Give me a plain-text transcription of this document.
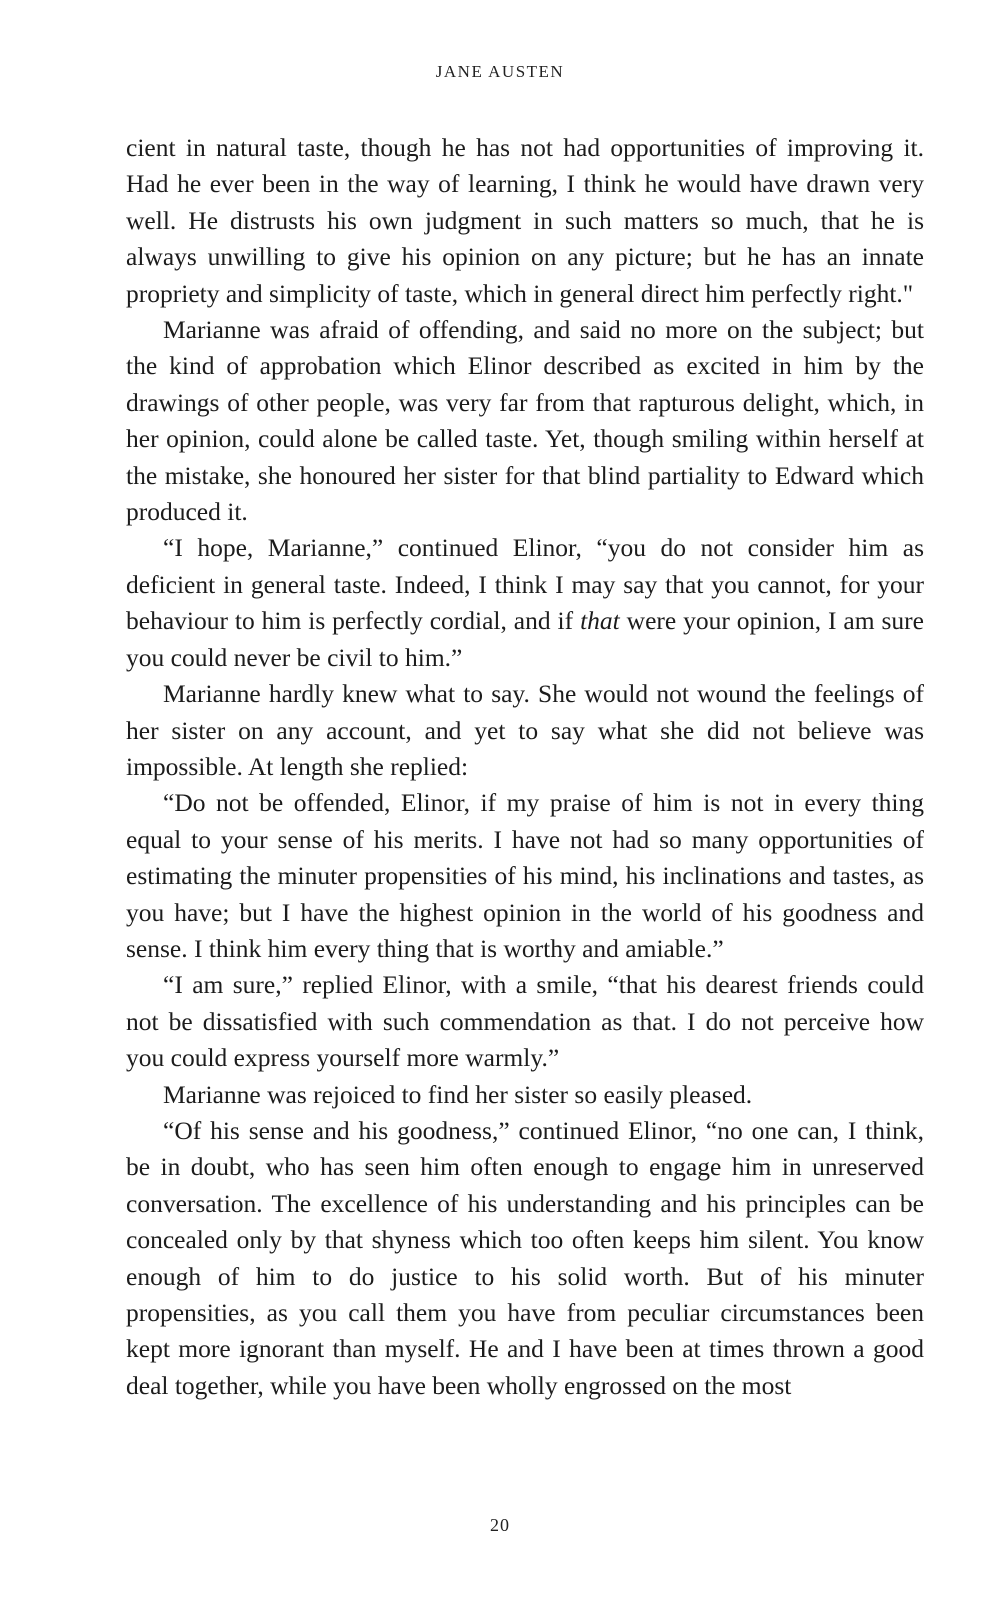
JANE AUSTEN

cient in natural taste, though he has not had opportunities of improving it. Had he ever been in the way of learning, I think he would have drawn very well. He distrusts his own judgment in such matters so much, that he is always unwilling to give his opinion on any picture; but he has an innate propriety and simplicity of taste, which in general direct him perfectly right."

Marianne was afraid of offending, and said no more on the subject; but the kind of approbation which Elinor described as excited in him by the drawings of other people, was very far from that rapturous delight, which, in her opinion, could alone be called taste. Yet, though smiling within herself at the mistake, she honoured her sister for that blind partiality to Edward which produced it.

“I hope, Marianne,” continued Elinor, “you do not consider him as deficient in general taste. Indeed, I think I may say that you cannot, for your behaviour to him is perfectly cordial, and if that were your opinion, I am sure you could never be civil to him.”

Marianne hardly knew what to say. She would not wound the feelings of her sister on any account, and yet to say what she did not believe was impossible. At length she replied:

“Do not be offended, Elinor, if my praise of him is not in every thing equal to your sense of his merits. I have not had so many opportunities of estimating the minuter propensities of his mind, his inclinations and tastes, as you have; but I have the highest opinion in the world of his goodness and sense. I think him every thing that is worthy and amiable.”

“I am sure,” replied Elinor, with a smile, “that his dearest friends could not be dissatisfied with such commendation as that. I do not perceive how you could express yourself more warmly.”

Marianne was rejoiced to find her sister so easily pleased.

“Of his sense and his goodness,” continued Elinor, “no one can, I think, be in doubt, who has seen him often enough to engage him in unreserved conversation. The excellence of his understanding and his principles can be concealed only by that shyness which too often keeps him silent. You know enough of him to do justice to his solid worth. But of his minuter propensities, as you call them you have from peculiar circumstances been kept more ignorant than myself. He and I have been at times thrown a good deal together, while you have been wholly engrossed on the most

20
